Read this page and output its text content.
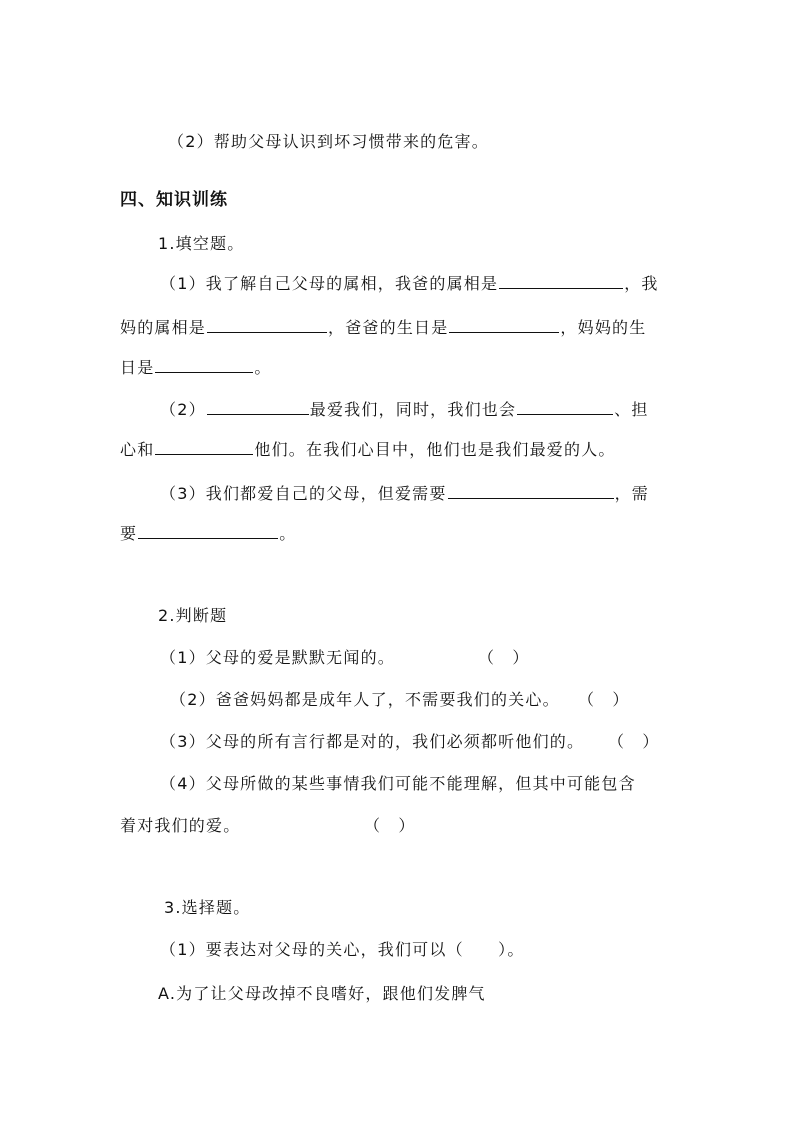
（2）帮助父母认识到坏习惯带来的危害。
四、知识训练
1.填空题。
（1）我了解自己父母的属相，我爸的属相是	，我
妈的属相是	，爸爸的生日是	，妈妈的生
日是	。
（2）	最爱我们，同时，我们也会	、担
心和	他们。在我们心目中，他们也是我们最爱的人。
（3）我们都爱自己的父母，但爱需要	，需
要	。
2.判断题
（1）父母的爱是默默无闻的。	（　）
（2）爸爸妈妈都是成年人了，不需要我们的关心。 （　）
（3）父母的所有言行都是对的，我们必须都听他们的。 （　）
（4）父母所做的某些事情我们可能不能理解，但其中可能包含
着对我们的爱。	（　）
3.选择题。
（1）要表达对父母的关心，我们可以（　　）。
A.为了让父母改掉不良嗜好，跟他们发脾气
